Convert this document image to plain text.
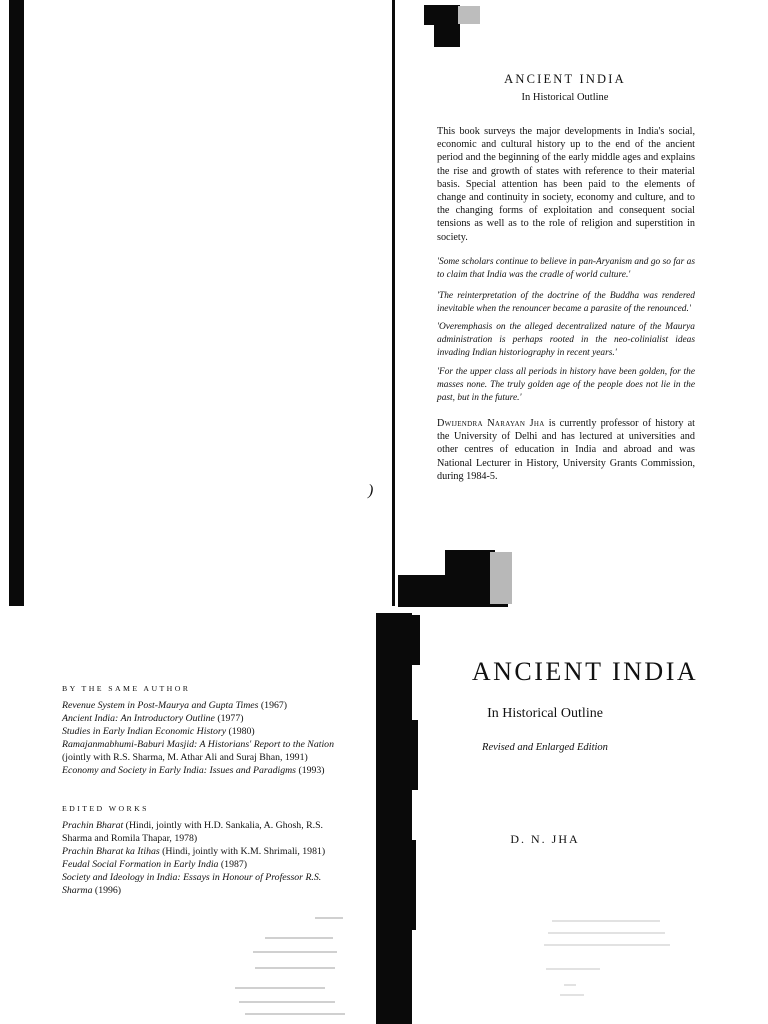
)
ANCIENT INDIA
In Historical Outline
This book surveys the major developments in India's social, economic and cultural history up to the end of the ancient period and the beginning of the early middle ages and explains the rise and growth of states with reference to their material basis. Special attention has been paid to the elements of change and continuity in society, economy and culture, and to the changing forms of exploitation and consequent social tensions as well as to the role of religion and superstition in society.
'Some scholars continue to believe in pan-Aryanism and go so far as to claim that India was the cradle of world culture.'
'The reinterpretation of the doctrine of the Buddha was rendered inevitable when the renouncer became a parasite of the renounced.'
'Overemphasis on the alleged decentralized nature of the Maurya administration is perhaps rooted in the neo-colinialist ideas invading Indian historiography in recent years.'
'For the upper class all periods in history have been golden, for the masses none. The truly golden age of the people does not lie in the past, but in the future.'
Dwijendra Narayan Jha is currently professor of history at the University of Delhi and has lectured at universities and other centres of education in India and abroad and was National Lecturer in History, University Grants Commission, during 1984-5.
BY THE SAME AUTHOR
Revenue System in Post-Maurya and Gupta Times (1967)
Ancient India: An Introductory Outline (1977)
Studies in Early Indian Economic History (1980)
Ramajanmabhumi-Baburi Masjid: A Historians' Report to the Nation (jointly with R.S. Sharma, M. Athar Ali and Suraj Bhan, 1991)
Economy and Society in Early India: Issues and Paradigms (1993)
EDITED WORKS
Prachin Bharat (Hindi, jointly with H.D. Sankalia, A. Ghosh, R.S. Sharma and Romila Thapar, 1978)
Prachin Bharat ka Itihas (Hindi, jointly with K.M. Shrimali, 1981)
Feudal Social Formation in Early India (1987)
Society and Ideology in India: Essays in Honour of Professor R.S. Sharma (1996)
ANCIENT INDIA
In Historical Outline
Revised and Enlarged Edition
D. N. JHA
